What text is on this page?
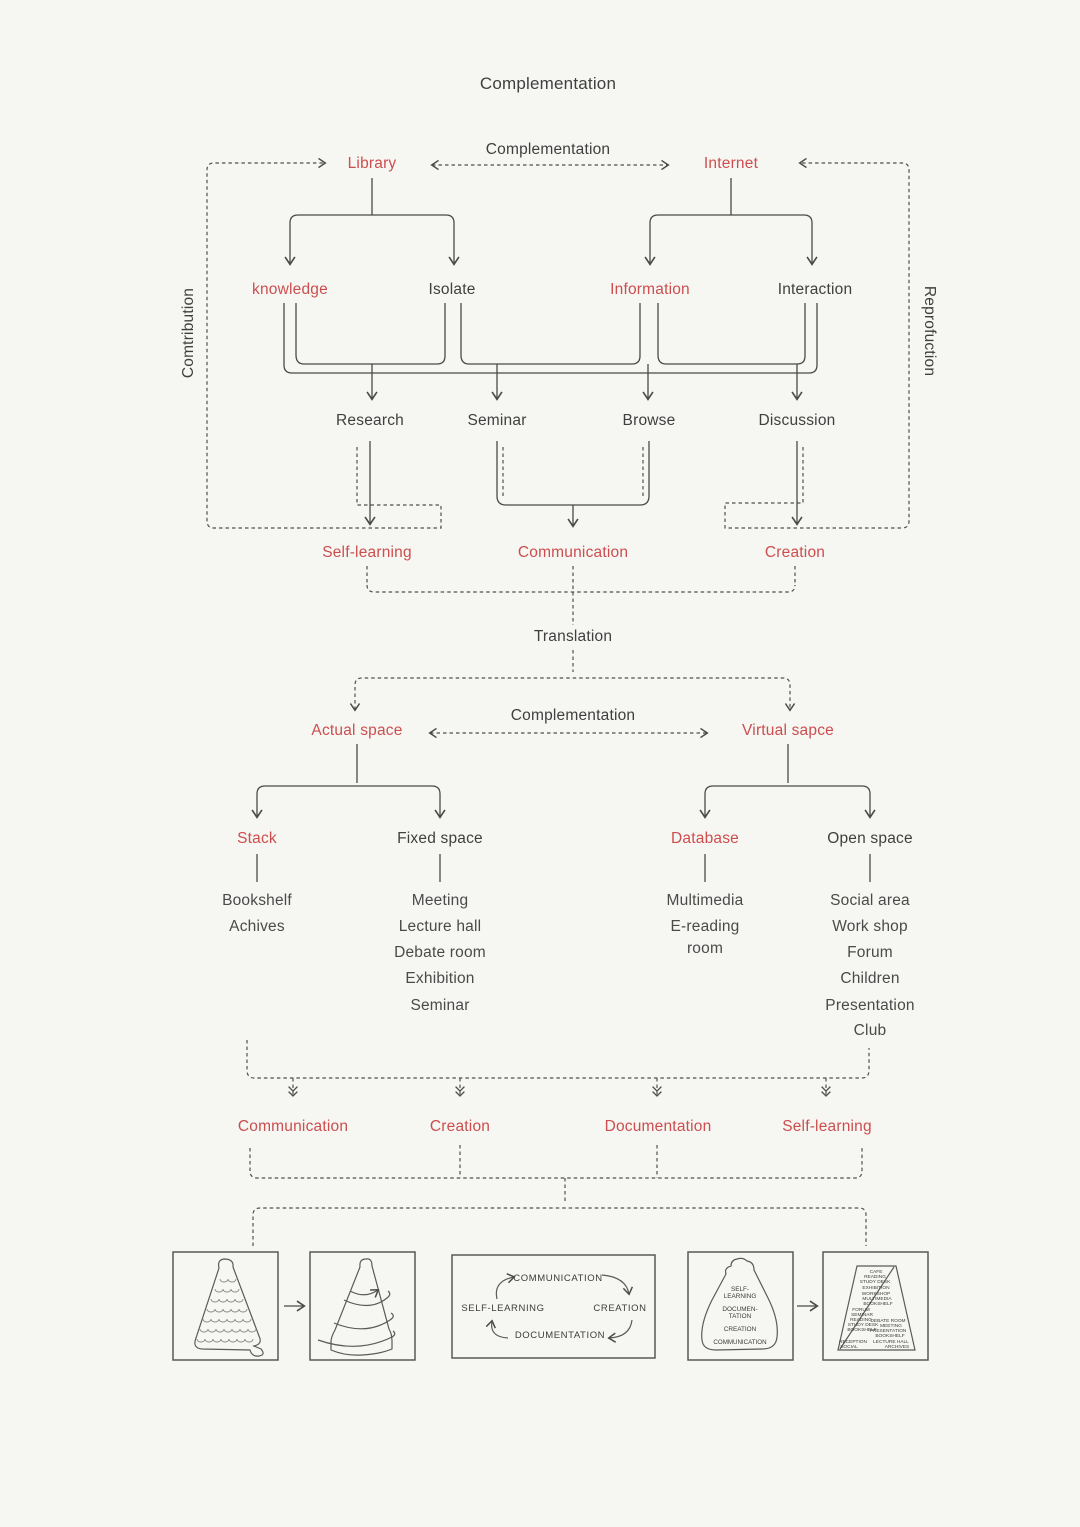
COMMUNICATION
CREATION
DOCUMENTATION
SELF-LEARNING
SELF-
LEARNING
DOCUMEN-
TATION
CREATION
COMMUNICATION
CAFE
READING
STUDY DESK
EXHIBITION
WORKSHOP
MULTIMEDIA
BOOKSHELF
FORUM
SEMINAR
READING
STUDY DESK
BOOKSHELF
DEBATE ROOM
MEETING
PRESENTATION
BOOKSHELF
RECEPTION LECTURE HALL
SOCIAL	ARCHIVES
Complementation
Complementation
Library	Internet
Comtribution	Reprofuction
knowledge	Isolate	Information	Interaction
Research	Seminar	Browse	Discussion
Self-learning	Communication	Creation
Translation
Complementation
Actual space	Virtual sapce
Stack	Fixed space	Database	Open space
Bookshelf
Achives
Meeting
Lecture hall
Debate room
Exhibition
Seminar
Multimedia
E-reading
room
Social area
Work shop
Forum
Children
Presentation
Club
Communication	Creation	Documentation	Self-learning
